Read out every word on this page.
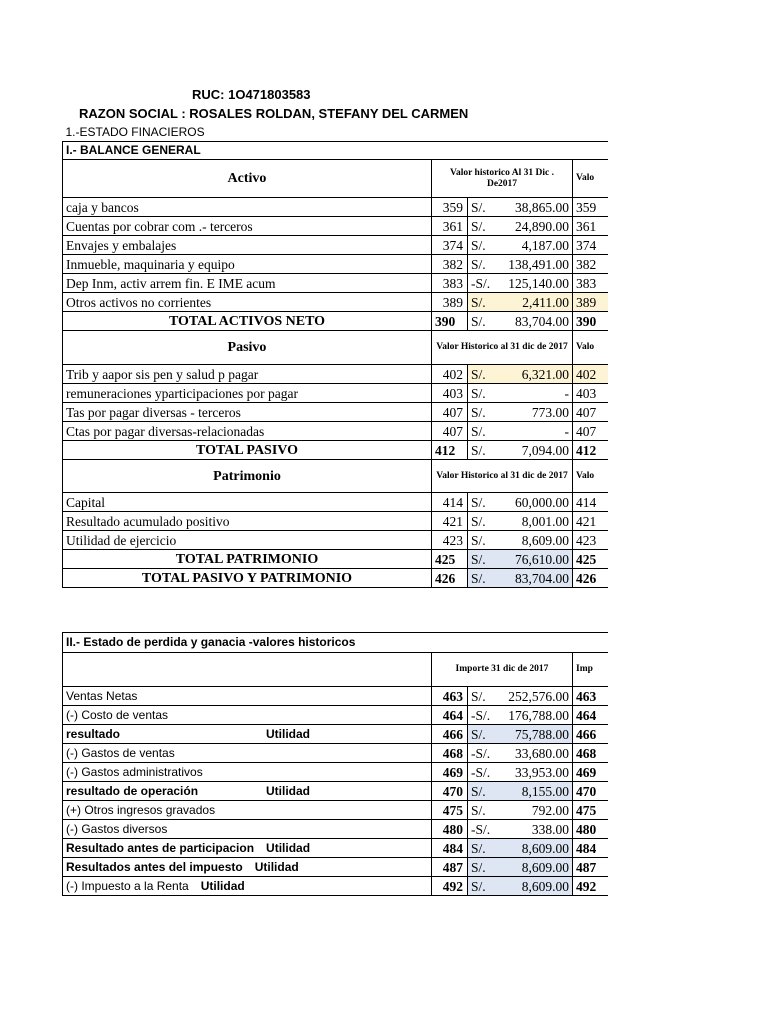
RUC: 1O471803583
RAZON SOCIAL : ROSALES ROLDAN, STEFANY DEL CARMEN
1.-ESTADO FINACIEROS			
I.- BALANCE GENERAL			
Activo	Valor historico Al 31 Dic . De2017		Valo
caja y bancos	359	S/. 38,865.00	359
Cuentas por cobrar com .- terceros	361	S/. 24,890.00	361
Envajes y embalajes	374	S/. 4,187.00	374
Inmueble, maquinaria y equipo	382	S/. 138,491.00	382
Dep Inm, activ arrem fin. E IME acum	383	-S/. 125,140.00	383
Otros activos no corrientes	389	S/. 2,411.00	389
TOTAL ACTIVOS NETO	390	S/. 83,704.00	390
Pasivo	Valor Historico al 31 dic de 2017		Valo
Trib y aapor sis pen y salud p pagar	402	S/. 6,321.00	402
remuneraciones yparticipaciones por pagar	403	S/. -	403
Tas por pagar diversas - terceros	407	S/. 773.00	407
Ctas por pagar diversas-relacionadas	407	S/. -	407
TOTAL PASIVO	412	S/. 7,094.00	412
Patrimonio	Valor Historico al 31 dic de 2017		Valo
Capital	414	S/. 60,000.00	414
Resultado acumulado positivo	421	S/. 8,001.00	421
Utilidad de ejercicio	423	S/. 8,609.00	423
TOTAL PATRIMONIO	425	S/. 76,610.00	425
TOTAL PASIVO Y PATRIMONIO	426	S/. 83,704.00	426
II.- Estado de perdida y ganacia -valores historicos			
	Importe 31 dic de 2017		Imp
Ventas Netas	463	S/. 252,576.00	463
(-) Costo de ventas	464	-S/. 176,788.00	464
resultado Utilidad	466	S/. 75,788.00	466
(-) Gastos de ventas	468	-S/. 33,680.00	468
(-) Gastos administrativos	469	-S/. 33,953.00	469
resultado de operación Utilidad	470	S/. 8,155.00	470
(+) Otros ingresos gravados	475	S/. 792.00	475
(-) Gastos diversos	480	-S/. 338.00	480
Resultado antes de participacion Utilidad	484	S/. 8,609.00	484
Resultados antes del impuesto Utilidad	487	S/. 8,609.00	487
(-) Impuesto a la Renta Utilidad	492	S/. 8,609.00	492
